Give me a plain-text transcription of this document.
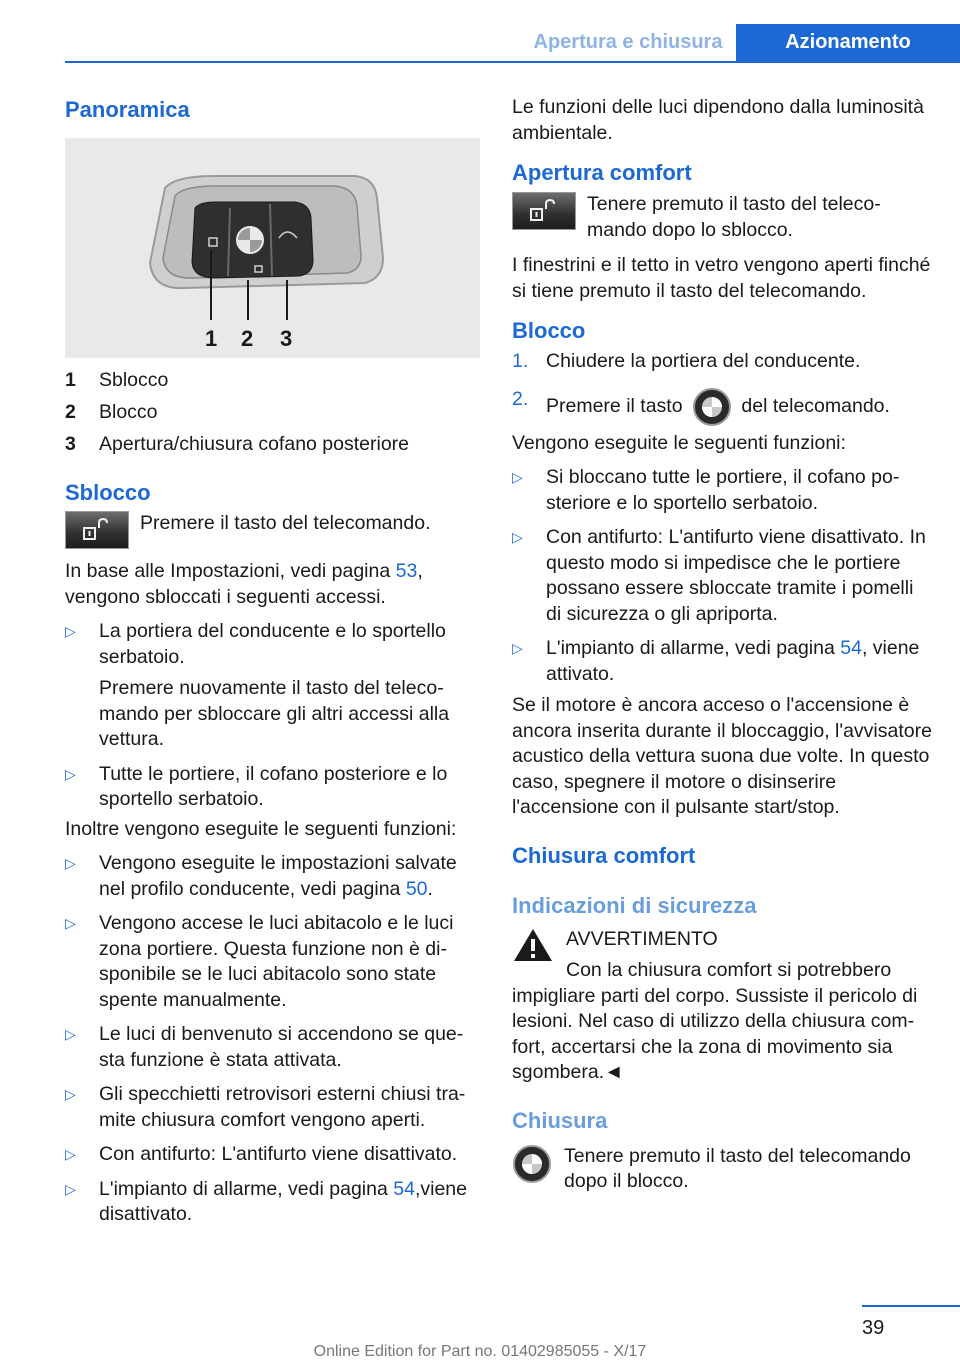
Apertura e chiusura	Azionamento
Panoramica
1 2 3
1	Sblocco
2	Blocco
3	Apertura/chiusura cofano posteriore
Sblocco

Premere il tasto del telecomando.

In base alle Impostazioni, vedi pagina 53, vengono sbloccati i seguenti accessi.

▷	La portiera del conducente e lo sportello serbatoio.

Premere nuovamente il tasto del telecomando per sbloccare gli altri accessi alla vettura.

▷	Tutte le portiere, il cofano posteriore e lo sportello serbatoio.

Inoltre vengono eseguite le seguenti funzioni:

▷	Vengono eseguite le impostazioni salvate nel profilo conducente, vedi pagina 50.

▷	Vengono accese le luci abitacolo e le luci zona portiere. Questa funzione non è disponibile se le luci abitacolo sono state spente manualmente.

▷	Le luci di benvenuto si accendono se questa funzione è stata attivata.

▷	Gli specchietti retrovisori esterni chiusi tramite chiusura comfort vengono aperti.

▷	Con antifurto: L'antifurto viene disattivato.

▷	L'impianto di allarme, vedi pagina 54,viene disattivato.

Le funzioni delle luci dipendono dalla luminosità ambientale.

Apertura comfort

Tenere premuto il tasto del telecomando dopo lo sblocco.

I finestrini e il tetto in vetro vengono aperti finché si tiene premuto il tasto del telecomando.

Blocco
1. Chiudere la portiera del conducente.

2. Premere il tasto	del telecomando.

Vengono eseguite le seguenti funzioni:

▷	Si bloccano tutte le portiere, il cofano posteriore e lo sportello serbatoio.

▷	Con antifurto: L'antifurto viene disattivato. In questo modo si impedisce che le portiere possano essere sbloccate tramite i pomelli di sicurezza o gli apriporta.

▷	L'impianto di allarme, vedi pagina 54, viene attivato.

Se il motore è ancora acceso o l'accensione è ancora inserita durante il bloccaggio, l'avvisatore acustico della vettura suona due volte. In questo caso, spegnere il motore o disinserire l'accensione con il pulsante start/stop.

Chiusura comfort
Indicazioni di sicurezza

AVVERTIMENTO

Con la chiusura comfort si potrebbero

impigliare parti del corpo. Sussiste il pericolo di lesioni. Nel caso di utilizzo della chiusura comfort, accertarsi che la zona di movimento sia sgombera.◄

Chiusura

Tenere premuto il tasto del telecomando dopo il blocco.

39
Online Edition for Part no. 01402985055 - X/17
